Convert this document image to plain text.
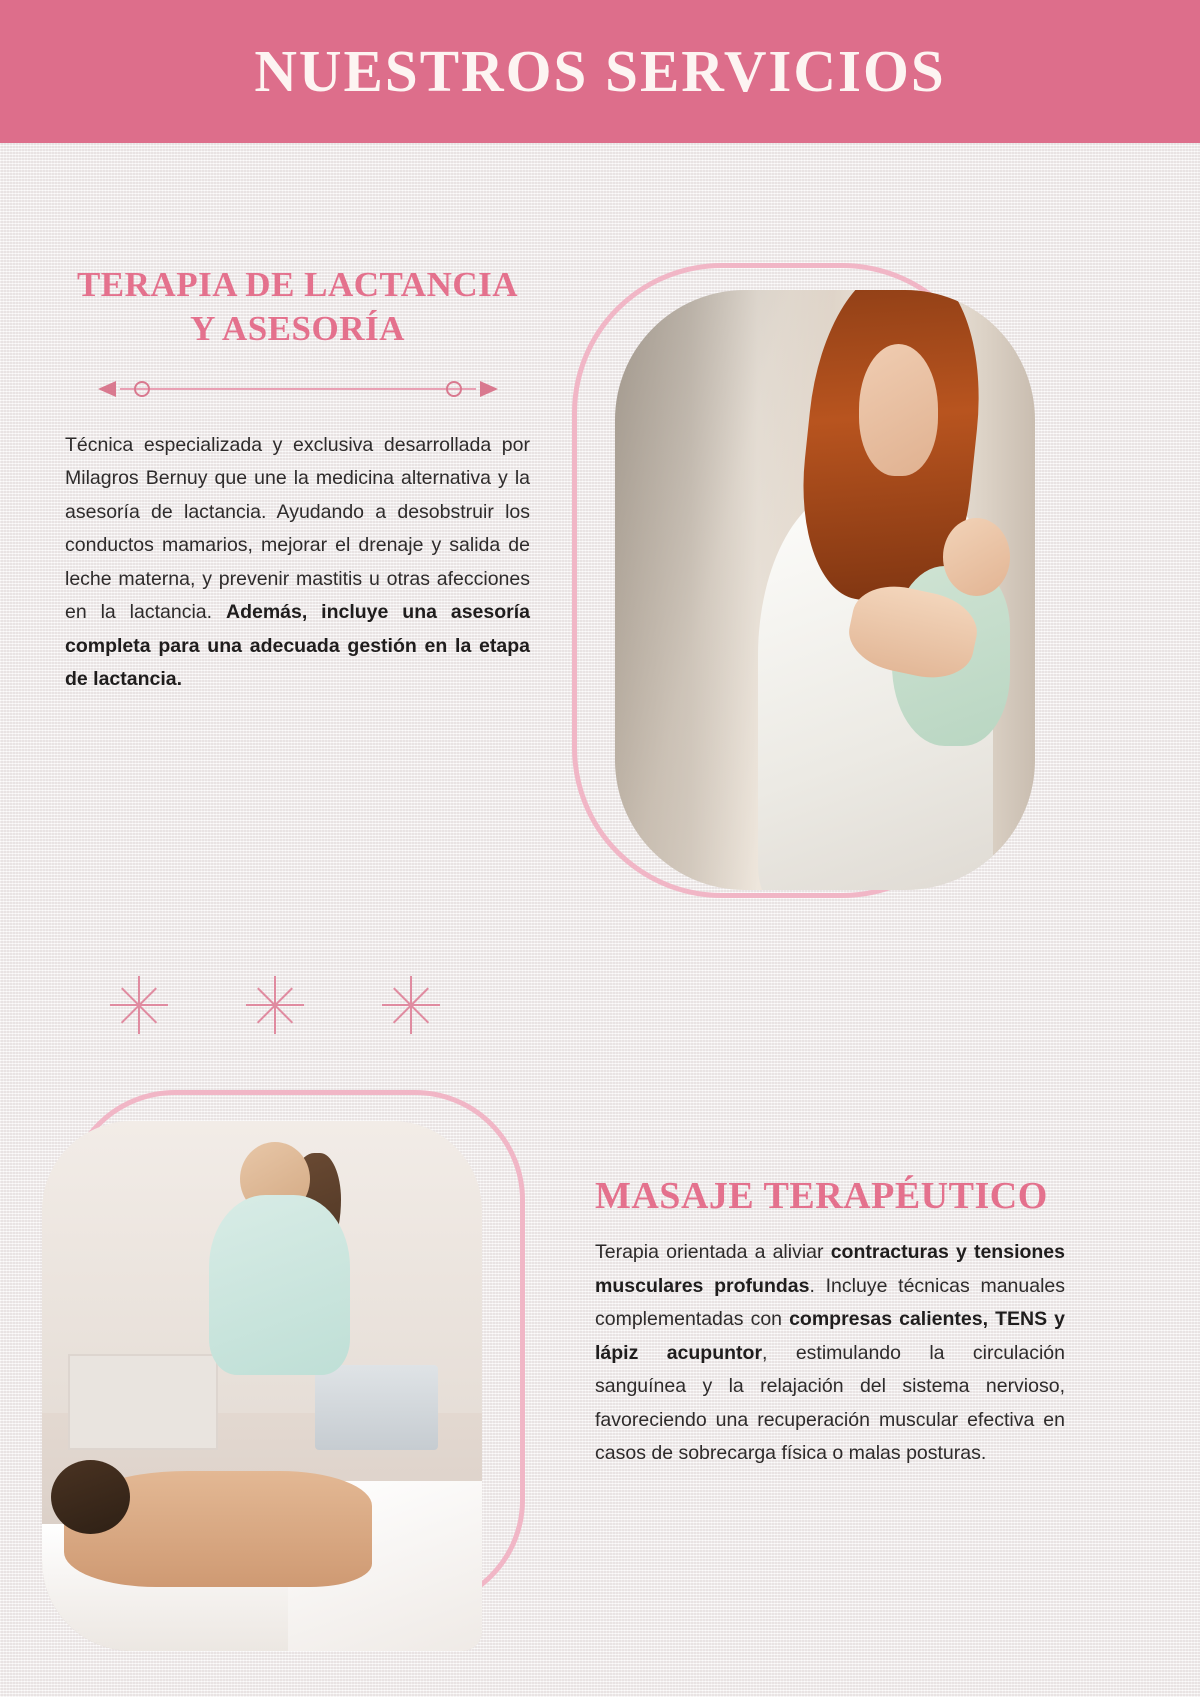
NUESTROS SERVICIOS
TERAPIA DE LACTANCIA Y ASESORÍA

Técnica especializada y exclusiva desarrollada por Milagros Bernuy que une la medicina alternativa y la asesoría de lactancia. Ayudando a desobstruir los conductos mamarios, mejorar el drenaje y salida de leche materna, y prevenir mastitis u otras afecciones en la lactancia. Además, incluye una asesoría completa para una adecuada gestión en la etapa de lactancia.

MASAJE TERAPÉUTICO

Terapia orientada a aliviar contracturas y tensiones musculares profundas. Incluye técnicas manuales complementadas con compresas calientes, TENS y lápiz acupuntor, estimulando la circulación sanguínea y la relajación del sistema nervioso, favoreciendo una recuperación muscular efectiva en casos de sobrecarga física o malas posturas.
